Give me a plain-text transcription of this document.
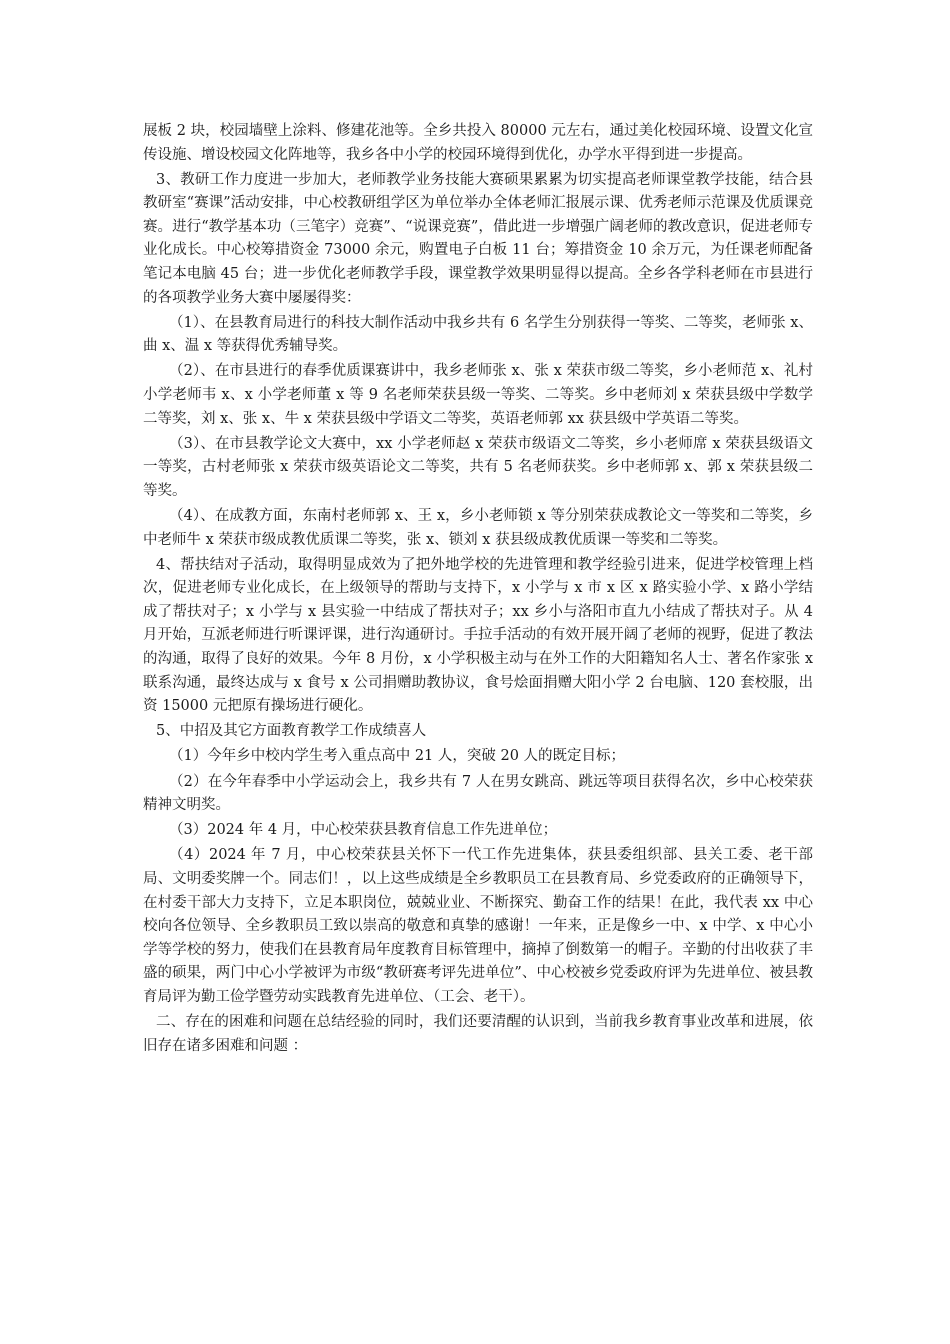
展板 2 块，校园墙壁上涂料、修建花池等。全乡共投入 80000 元左右，通过美化校园环境、设置文化宣传设施、增设校园文化阵地等，我乡各中小学的校园环境得到优化，办学水平得到进一步提高。

3、教研工作力度进一步加大，老师教学业务技能大赛硕果累累为切实提高老师课堂教学技能，结合县教研室“赛课”活动安排，中心校教研组学区为单位举办全体老师汇报展示课、优秀老师示范课及优质课竞赛。进行“教学基本功（三笔字）竞赛”、“说课竞赛”，借此进一步增强广阔老师的教改意识，促进老师专业化成长。中心校筹措资金 73000 余元，购置电子白板 11 台；筹措资金 10 余万元，为任课老师配备笔记本电脑 45 台；进一步优化老师教学手段，课堂教学效果明显得以提高。全乡各学科老师在市县进行的各项教学业务大赛中屡屡得奖：

（1）、在县教育局进行的科技大制作活动中我乡共有 6 名学生分别获得一等奖、二等奖，老师张 x、曲 x、温 x 等获得优秀辅导奖。

（2）、在市县进行的春季优质课赛讲中，我乡老师张 x、张 x 荣获市级二等奖，乡小老师范 x、礼村小学老师韦 x、x 小学老师董 x 等 9 名老师荣获县级一等奖、二等奖。乡中老师刘 x 荣获县级中学数学二等奖，刘 x、张 x、牛 x 荣获县级中学语文二等奖，英语老师郭 xx 获县级中学英语二等奖。

（3）、在市县教学论文大赛中，xx 小学老师赵 x 荣获市级语文二等奖，乡小老师席 x 荣获县级语文一等奖，古村老师张 x 荣获市级英语论文二等奖，共有 5 名老师获奖。乡中老师郭 x、郭 x 荣获县级二等奖。

（4）、在成教方面，东南村老师郭 x、王 x，乡小老师锁 x 等分别荣获成教论文一等奖和二等奖，乡中老师牛 x 荣获市级成教优质课二等奖，张 x、锁刘 x 获县级成教优质课一等奖和二等奖。

4、帮扶结对子活动，取得明显成效为了把外地学校的先进管理和教学经验引进来，促进学校管理上档次，促进老师专业化成长，在上级领导的帮助与支持下，x 小学与 x 市 x 区 x 路实验小学、x 路小学结成了帮扶对子；x 小学与 x 县实验一中结成了帮扶对子；xx 乡小与洛阳市直九小结成了帮扶对子。从 4 月开始，互派老师进行听课评课，进行沟通研讨。手拉手活动的有效开展开阔了老师的视野，促进了教法的沟通，取得了良好的效果。今年 8 月份，x 小学积极主动与在外工作的大阳籍知名人士、著名作家张 x 联系沟通，最终达成与 x 食号 x 公司捐赠助教协议，食号烩面捐赠大阳小学 2 台电脑、120 套校服，出资 15000 元把原有操场进行硬化。

5、中招及其它方面教育教学工作成绩喜人

（1）今年乡中校内学生考入重点高中 21 人，突破 20 人的既定目标；

（2）在今年春季中小学运动会上，我乡共有 7 人在男女跳高、跳远等项目获得名次，乡中心校荣获精神文明奖。

（3）2024 年 4 月，中心校荣获县教育信息工作先进单位；

（4）2024 年 7 月，中心校荣获县关怀下一代工作先进集体，获县委组织部、县关工委、老干部局、文明委奖牌一个。同志们！，以上这些成绩是全乡教职员工在县教育局、乡党委政府的正确领导下，在村委干部大力支持下，立足本职岗位，兢兢业业、不断探究、勤奋工作的结果！在此，我代表 xx 中心校向各位领导、全乡教职员工致以崇高的敬意和真挚的感谢！一年来，正是像乡一中、x 中学、x 中心小学等学校的努力，使我们在县教育局年度教育目标管理中，摘掉了倒数第一的帽子。辛勤的付出收获了丰盛的硕果，两门中心小学被评为市级“教研赛考评先进单位”、中心校被乡党委政府评为先进单位、被县教育局评为勤工俭学暨劳动实践教育先进单位、（工会、老干）。

二、存在的困难和问题在总结经验的同时，我们还要清醒的认识到，当前我乡教育事业改革和进展，依旧存在诸多困难和问题 ：
